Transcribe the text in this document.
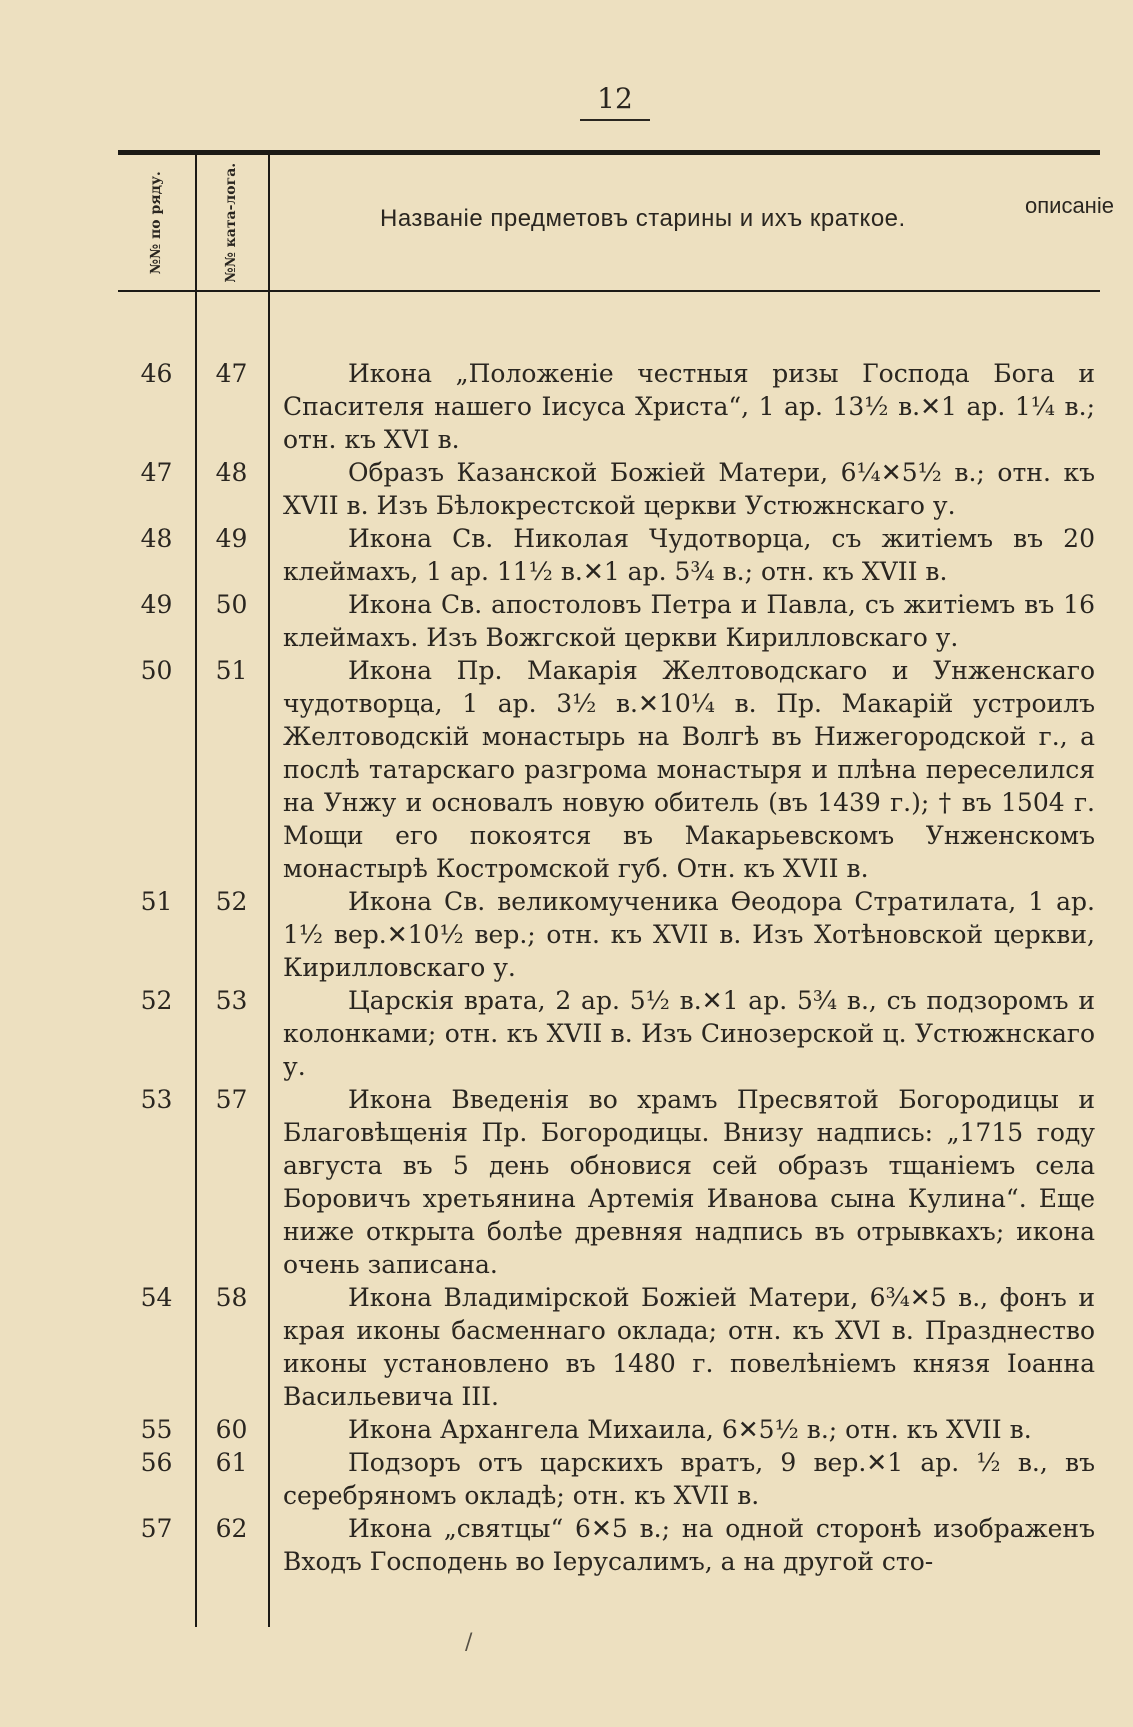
12
№№ по ряду.	№№ ката-лога.	Названiе предметовъ старины и ихъ краткое.	описанiе
46	47	Икона „Положенiе честныя ризы Господа Бога и Спасителя нашего Iисуса Христа“, 1 ар. 13½ в.✕1 ар. 1¼ в.; отн. къ XVI в.
47	48	Образъ Казанской Божiей Матери, 6¼✕5½ в.; отн. къ XVII в. Изъ Бѣлокрестской церкви Устюжнскаго у.
48	49	Икона Св. Николая Чудотворца, съ житiемъ въ 20 клеймахъ, 1 ар. 11½ в.✕1 ар. 5¾ в.; отн. къ XVII в.
49	50	Икона Св. апостоловъ Петра и Павла, съ житiемъ въ 16 клеймахъ. Изъ Вожгской церкви Кирилловскаго у.
50	51	Икона Пр. Макарiя Желтоводскаго и Унженскаго чудотворца, 1 ар. 3½ в.✕10¼ в. Пр. Макарiй устроилъ Желтоводскiй монастырь на Волгѣ въ Нижегородской г., а послѣ татарскаго разгрома монастыря и плѣна переселился на Унжу и основалъ новую обитель (въ 1439 г.); † въ 1504 г. Мощи его покоятся въ Макарьевскомъ Унженскомъ монастырѣ Костромской губ. Отн. къ XVII в.
51	52	Икона Св. великомученика Өеодора Стратилата, 1 ар. 1½ вер.✕10½ вер.; отн. къ XVII в. Изъ Хотѣновской церкви, Кирилловскаго у.
52	53	Царскiя врата, 2 ар. 5½ в.✕1 ар. 5¾ в., съ подзоромъ и колонками; отн. къ XVII в. Изъ Синозерской ц. Устюжнскаго у.
53	57	Икона Введенiя во храмъ Пресвятой Богородицы и Благовѣщенiя Пр. Богородицы. Внизу надпись: „1715 году августа въ 5 день обновися сей образъ тщанiемъ села Боровичъ хретьянина Артемiя Иванова сына Кулина“. Еще ниже открыта болѣе древняя надпись въ отрывкахъ; икона очень записана.
54	58	Икона Владимiрской Божiей Матери, 6¾✕5 в., фонъ и края иконы басменнаго оклада; отн. къ XVI в. Празднество иконы установлено въ 1480 г. повелѣнiемъ князя Iоанна Васильевича III.
55	60	Икона Архангела Михаила, 6✕5½ в.; отн. къ XVII в.
56	61	Подзоръ отъ царскихъ вратъ, 9 вер.✕1 ар. ½ в., въ серебряномъ окладѣ; отн. къ XVII в.
57	62	Икона „святцы“ 6✕5 в.; на одной сторонѣ изображенъ Входъ Господень во Iерусалимъ, а на другой сто-
/
